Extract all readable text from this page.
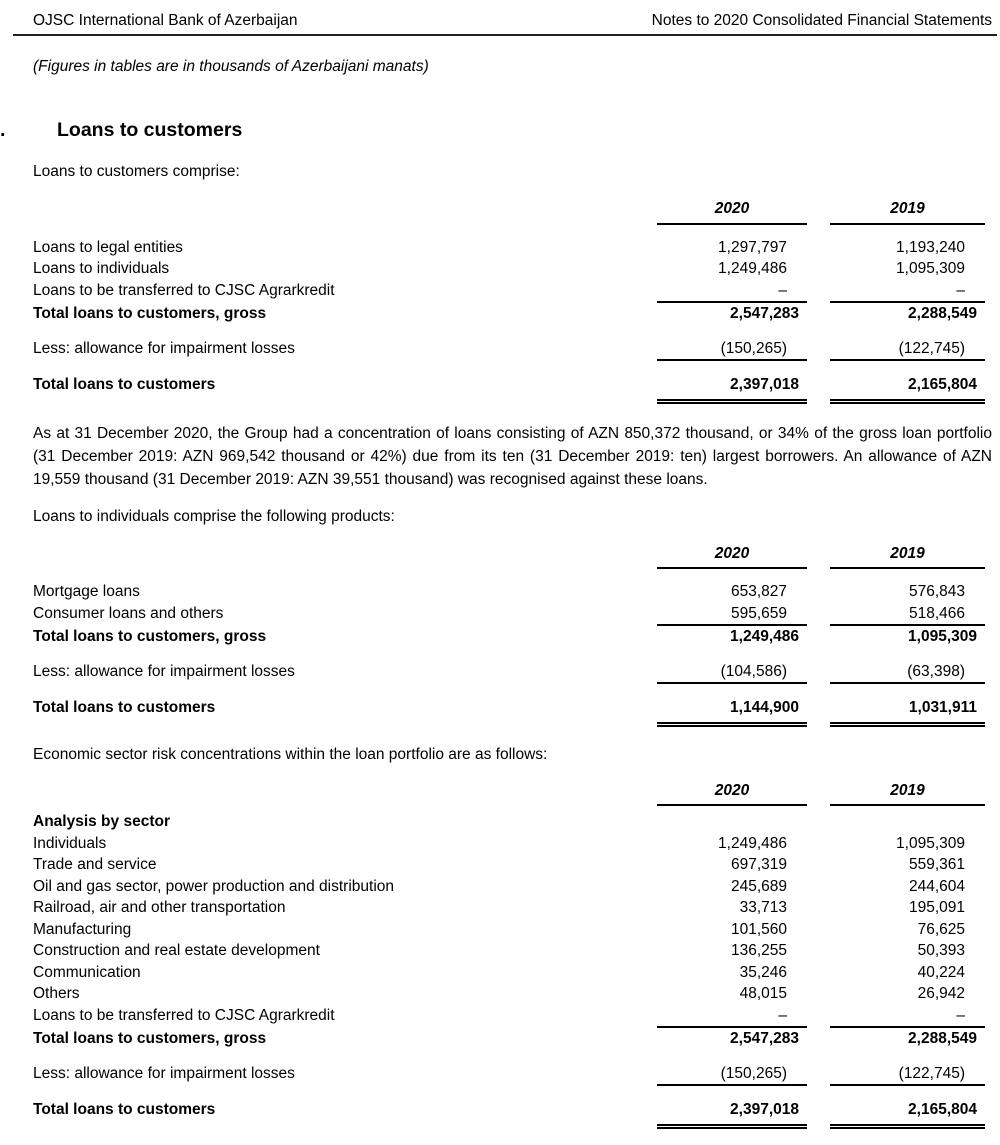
OJSC International Bank of Azerbaijan	Notes to 2020 Consolidated Financial Statements
(Figures in tables are in thousands of Azerbaijani manats)
.	Loans to customers
Loans to customers comprise:
2020	2019
Loans to legal entities	1,297,797	1,193,240
Loans to individuals	1,249,486	1,095,309
Loans to be transferred to CJSC Agrarkredit	–	–
Total loans to customers, gross	2,547,283	2,288,549
Less: allowance for impairment losses	(150,265)	(122,745)
Total loans to customers	2,397,018	2,165,804
As at 31 December 2020, the Group had a concentration of loans consisting of AZN 850,372 thousand, or 34% of the gross loan portfolio (31 December 2019: AZN 969,542 thousand or 42%) due from its ten (31 December 2019: ten) largest borrowers. An allowance of AZN 19,559 thousand (31 December 2019: AZN 39,551 thousand) was recognised against these loans.
Loans to individuals comprise the following products:
2020	2019
Mortgage loans	653,827	576,843
Consumer loans and others	595,659	518,466
Total loans to customers, gross	1,249,486	1,095,309
Less: allowance for impairment losses	(104,586)	(63,398)
Total loans to customers	1,144,900	1,031,911
Economic sector risk concentrations within the loan portfolio are as follows:
2020	2019
Analysis by sector
Individuals	1,249,486	1,095,309
Trade and service	697,319	559,361
Oil and gas sector, power production and distribution	245,689	244,604
Railroad, air and other transportation	33,713	195,091
Manufacturing	101,560	76,625
Construction and real estate development	136,255	50,393
Communication	35,246	40,224
Others	48,015	26,942
Loans to be transferred to CJSC Agrarkredit	–	–
Total loans to customers, gross	2,547,283	2,288,549
Less: allowance for impairment losses	(150,265)	(122,745)
Total loans to customers	2,397,018	2,165,804
